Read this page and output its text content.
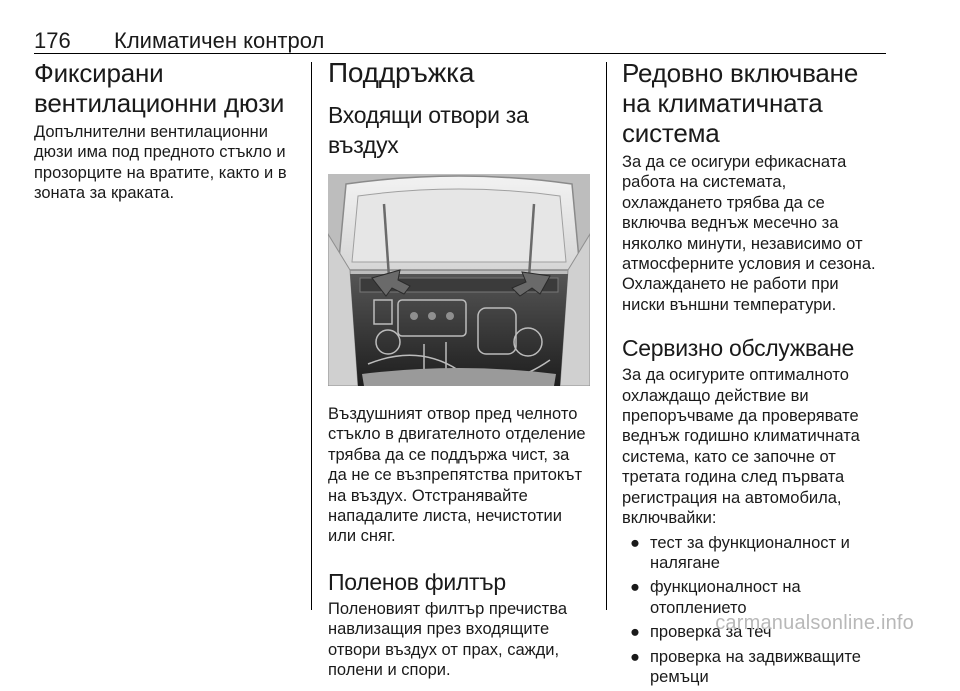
176 Климатичен контрол
Фиксирани вентилационни дюзи

Допълнителни вентилационни дюзи има под предното стъкло и прозорците на вратите, както и в зоната за краката.

Поддръжка
Входящи отвори за въздух

Въздушният отвор пред челното стъкло в двигателното отделение трябва да се поддържа чист, за да не се възпрепятства притокът на въздух. Отстранявайте нападалите листа, нечистотии или сняг.

Поленов филтър

Поленовият филтър пречиства навлизащия през входящите отвори въздух от прах, сажди, полени и спори.

Редовно включване на климатичната система

За да се осигури ефикасната работа на системата, охлаждането трябва да се включва веднъж месечно за няколко минути, независимо от атмосферните условия и сезона. Охлаждането не работи при ниски външни температури.

Сервизно обслужване

За да осигурите оптималното охлаждащо действие ви препоръчваме да проверявате веднъж годишно климатичната система, като се започне от третата година след първата регистрация на автомобила, включвайки:

● тест за функционалност и налягане
● функционалност на отоплението
● проверка за теч
● проверка на задвижващите ремъци
carmanualsonline.info
